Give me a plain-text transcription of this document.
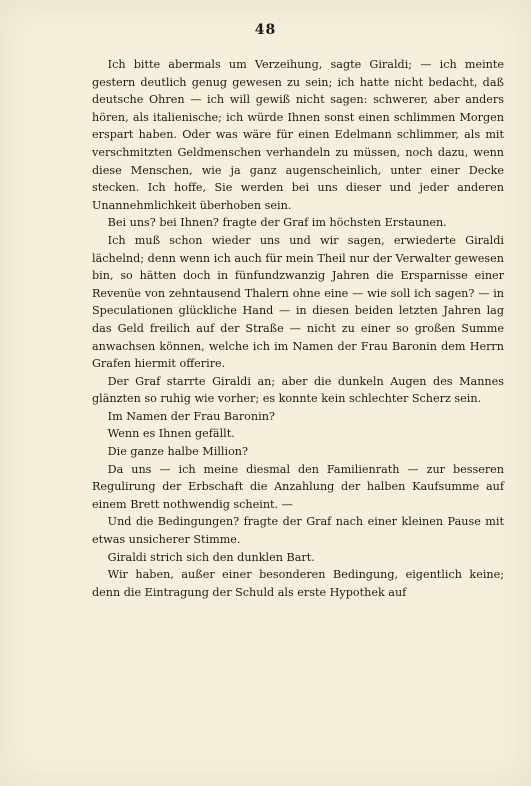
48

Ich bitte abermals um Verzeihung, sagte Giraldi; — ich meinte gestern deutlich genug gewesen zu sein; ich hatte nicht bedacht, daß deutsche Ohren — ich will gewiß nicht sagen: schwerer, aber anders hören, als italienische; ich würde Ihnen sonst einen schlimmen Morgen erspart haben. Oder was wäre für einen Edelmann schlimmer, als mit verschmitzten Geldmenschen verhandeln zu müssen, noch dazu, wenn diese Menschen, wie ja ganz augenscheinlich, unter einer Decke stecken. Ich hoffe, Sie werden bei uns dieser und jeder anderen Unannehmlichkeit überhoben sein.

Bei uns? bei Ihnen? fragte der Graf im höchsten Erstaunen.

Ich muß schon wieder uns und wir sagen, erwiederte Giraldi lächelnd; denn wenn ich auch für mein Theil nur der Verwalter gewesen bin, so hätten doch in fünfundzwanzig Jahren die Ersparnisse einer Revenüe von zehntausend Thalern ohne eine — wie soll ich sagen? — in Speculationen glückliche Hand — in diesen beiden letzten Jahren lag das Geld freilich auf der Straße — nicht zu einer so großen Summe anwachsen können, welche ich im Namen der Frau Baronin dem Herrn Grafen hiermit offerire.

Der Graf starrte Giraldi an; aber die dunkeln Augen des Mannes glänzten so ruhig wie vorher; es konnte kein schlechter Scherz sein.

Im Namen der Frau Baronin?

Wenn es Ihnen gefällt.

Die ganze halbe Million?

Da uns — ich meine diesmal den Familienrath — zur besseren Regulirung der Erbschaft die Anzahlung der halben Kaufsumme auf einem Brett nothwendig scheint. —

Und die Bedingungen? fragte der Graf nach einer kleinen Pause mit etwas unsicherer Stimme.

Giraldi strich sich den dunklen Bart.

Wir haben, außer einer besonderen Bedingung, eigentlich keine; denn die Eintragung der Schuld als erste Hypothek auf
